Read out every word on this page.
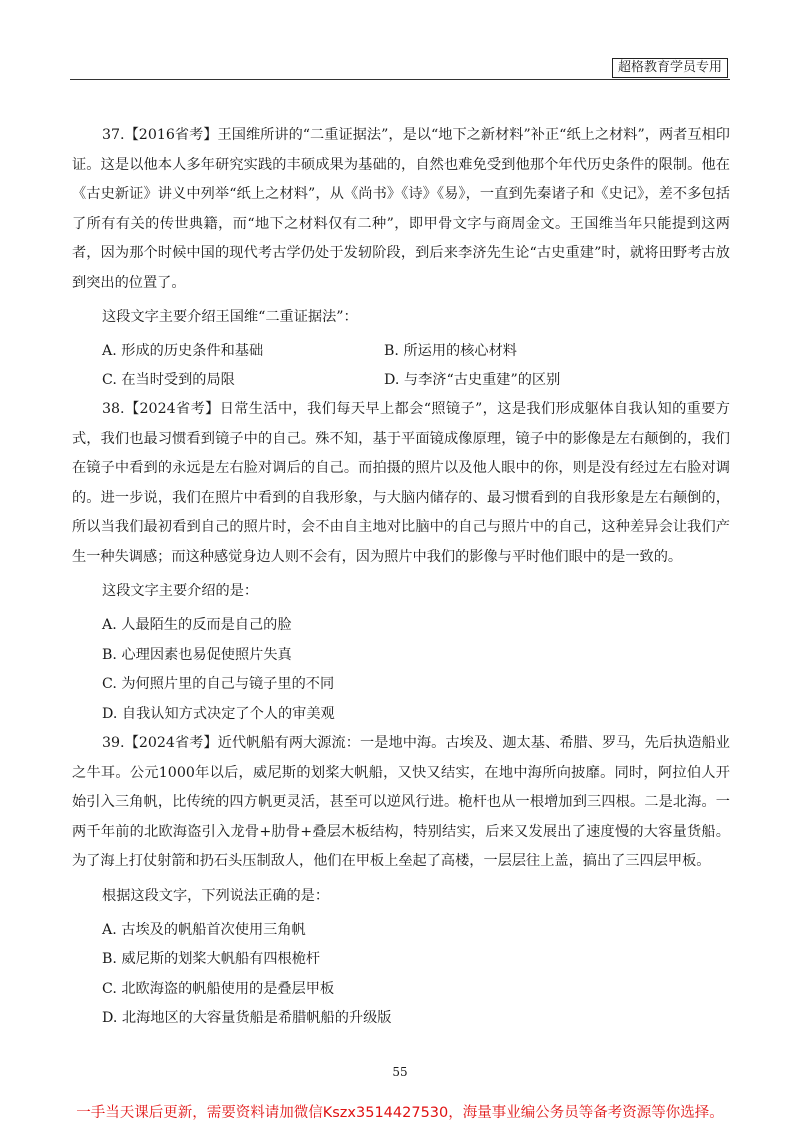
超格教育学员专用

37.【2016省考】王国维所讲的“二重证据法”，是以“地下之新材料”补正“纸上之材料”，两者互相印证。这是以他本人多年研究实践的丰硕成果为基础的，自然也难免受到他那个年代历史条件的限制。他在《古史新证》讲义中列举“纸上之材料”，从《尚书》《诗》《易》，一直到先秦诸子和《史记》，差不多包括了所有有关的传世典籍，而“地下之材料仅有二种”，即甲骨文字与商周金文。王国维当年只能提到这两者，因为那个时候中国的现代考古学仍处于发轫阶段，到后来李济先生论“古史重建”时，就将田野考古放到突出的位置了。

这段文字主要介绍王国维“二重证据法”：

A. 形成的历史条件和基础	B. 所运用的核心材料

C. 在当时受到的局限	D. 与李济“古史重建”的区别

38.【2024省考】日常生活中，我们每天早上都会“照镜子”，这是我们形成躯体自我认知的重要方式，我们也最习惯看到镜子中的自己。殊不知，基于平面镜成像原理，镜子中的影像是左右颠倒的，我们在镜子中看到的永远是左右脸对调后的自己。而拍摄的照片以及他人眼中的你，则是没有经过左右脸对调的。进一步说，我们在照片中看到的自我形象，与大脑内储存的、最习惯看到的自我形象是左右颠倒的，所以当我们最初看到自己的照片时，会不由自主地对比脑中的自己与照片中的自己，这种差异会让我们产生一种失调感；而这种感觉身边人则不会有，因为照片中我们的影像与平时他们眼中的是一致的。

这段文字主要介绍的是：

A. 人最陌生的反而是自己的脸

B. 心理因素也易促使照片失真

C. 为何照片里的自己与镜子里的不同

D. 自我认知方式决定了个人的审美观

39.【2024省考】近代帆船有两大源流：一是地中海。古埃及、迦太基、希腊、罗马，先后执造船业之牛耳。公元1000年以后，威尼斯的划桨大帆船，又快又结实，在地中海所向披靡。同时，阿拉伯人开始引入三角帆，比传统的四方帆更灵活，甚至可以逆风行进。桅杆也从一根增加到三四根。二是北海。一两千年前的北欧海盗引入龙骨+肋骨+叠层木板结构，特别结实，后来又发展出了速度慢的大容量货船。为了海上打仗射箭和扔石头压制敌人，他们在甲板上垒起了高楼，一层层往上盖，搞出了三四层甲板。

根据这段文字，下列说法正确的是：

A. 古埃及的帆船首次使用三角帆

B. 威尼斯的划桨大帆船有四根桅杆

C. 北欧海盗的帆船使用的是叠层甲板

D. 北海地区的大容量货船是希腊帆船的升级版

55
一手当天课后更新，需要资料请加微信Kszx3514427530，海量事业编公务员等备考资源等你选择。
